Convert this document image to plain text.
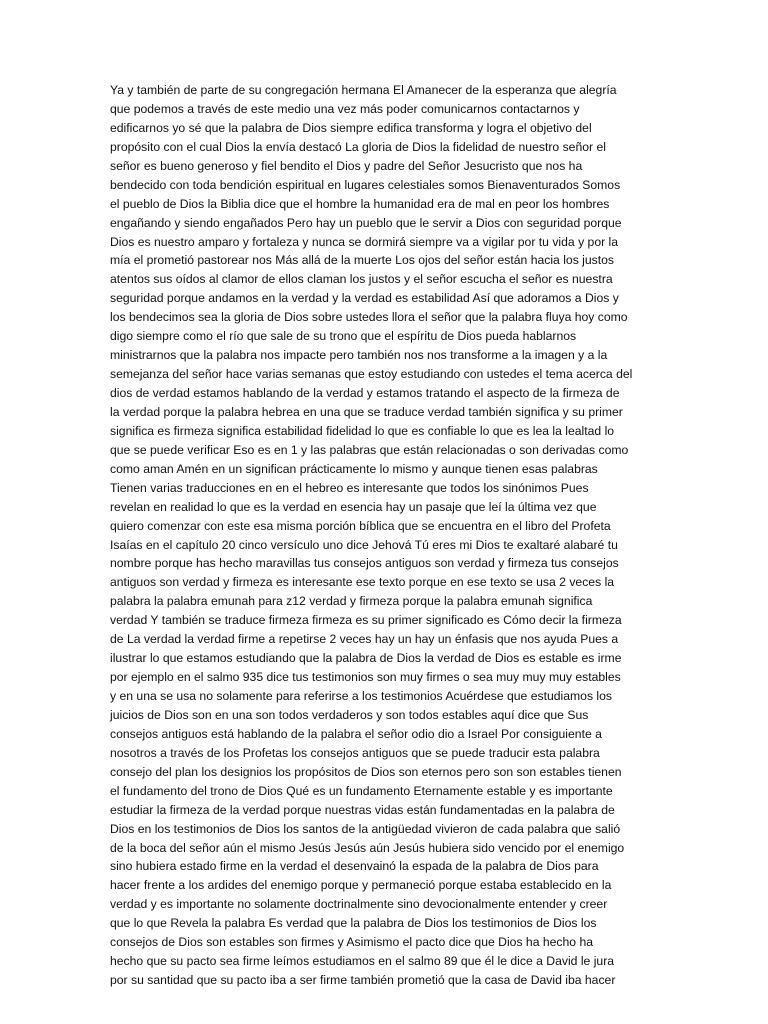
Ya y también de parte de su congregación hermana El Amanecer de la esperanza que alegría
que podemos a través de este medio una vez más poder comunicarnos contactarnos y
edificarnos yo sé que la palabra de Dios siempre edifica transforma y logra el objetivo del
propósito con el cual Dios la envía destacó La gloria de Dios la fidelidad de nuestro señor el
señor es bueno generoso y fiel bendito el Dios y padre del Señor Jesucristo que nos ha
bendecido con toda bendición espiritual en lugares celestiales somos Bienaventurados Somos
el pueblo de Dios la Biblia dice que el hombre la humanidad era de mal en peor los hombres
engañando y siendo engañados Pero hay un pueblo que le servir a Dios con seguridad porque
Dios es nuestro amparo y fortaleza y nunca se dormirá siempre va a vigilar por tu vida y por la
mía el prometió pastorear nos Más allá de la muerte Los ojos del señor están hacia los justos
atentos sus oídos al clamor de ellos claman los justos y el señor escucha el señor es nuestra
seguridad porque andamos en la verdad y la verdad es estabilidad Así que adoramos a Dios y
los bendecimos sea la gloria de Dios sobre ustedes llora el señor que la palabra fluya hoy como
digo siempre como el río que sale de su trono que el espíritu de Dios pueda hablarnos
ministrarnos que la palabra nos impacte pero también nos nos transforme a la imagen y a la
semejanza del señor hace varias semanas que estoy estudiando con ustedes el tema acerca del
dios de verdad estamos hablando de la verdad y estamos tratando el aspecto de la firmeza de
la verdad porque la palabra hebrea en una que se traduce verdad también significa y su primer
significa es firmeza significa estabilidad fidelidad lo que es confiable lo que es lea la lealtad lo
que se puede verificar Eso es en 1 y las palabras que están relacionadas o son derivadas como
como aman Amén en un significan prácticamente lo mismo y aunque tienen esas palabras
Tienen varias traducciones en en el hebreo es interesante que todos los sinónimos Pues
revelan en realidad lo que es la verdad en esencia hay un pasaje que leí la última vez que
quiero comenzar con este esa misma porción bíblica que se encuentra en el libro del Profeta
Isaías en el capítulo 20 cinco versículo uno dice Jehová Tú eres mi Dios te exaltaré alabaré tu
nombre porque has hecho maravillas tus consejos antiguos son verdad y firmeza tus consejos
antiguos son verdad y firmeza es interesante ese texto porque en ese texto se usa 2 veces la
palabra la palabra emunah para z12 verdad y firmeza porque la palabra emunah significa
verdad Y también se traduce firmeza firmeza es su primer significado es Cómo decir la firmeza
de La verdad la verdad firme a repetirse 2 veces hay un hay un énfasis que nos ayuda Pues a
ilustrar lo que estamos estudiando que la palabra de Dios la verdad de Dios es estable es irme
por ejemplo en el salmo 935 dice tus testimonios son muy firmes o sea muy muy muy estables
y en una se usa no solamente para referirse a los testimonios Acuérdese que estudiamos los
juicios de Dios son en una son todos verdaderos y son todos estables aquí dice que Sus
consejos antiguos está hablando de la palabra el señor odio dio a Israel Por consiguiente a
nosotros a través de los Profetas los consejos antiguos que se puede traducir esta palabra
consejo del plan los designios los propósitos de Dios son eternos pero son son estables tienen
el fundamento del trono de Dios Qué es un fundamento Eternamente estable y es importante
estudiar la firmeza de la verdad porque nuestras vidas están fundamentadas en la palabra de
Dios en los testimonios de Dios los santos de la antigüedad vivieron de cada palabra que salió
de la boca del señor aún el mismo Jesús Jesús aún Jesús hubiera sido vencido por el enemigo
sino hubiera estado firme en la verdad el desenvainó la espada de la palabra de Dios para
hacer frente a los ardides del enemigo porque y permaneció porque estaba establecido en la
verdad y es importante no solamente doctrinalmente sino devocionalmente entender y creer
que lo que Revela la palabra Es verdad que la palabra de Dios los testimonios de Dios los
consejos de Dios son estables son firmes y Asimismo el pacto dice que Dios ha hecho ha
hecho que su pacto sea firme leímos estudiamos en el salmo 89 que él le dice a David le jura
por su santidad que su pacto iba a ser firme también prometió que la casa de David iba hacer
